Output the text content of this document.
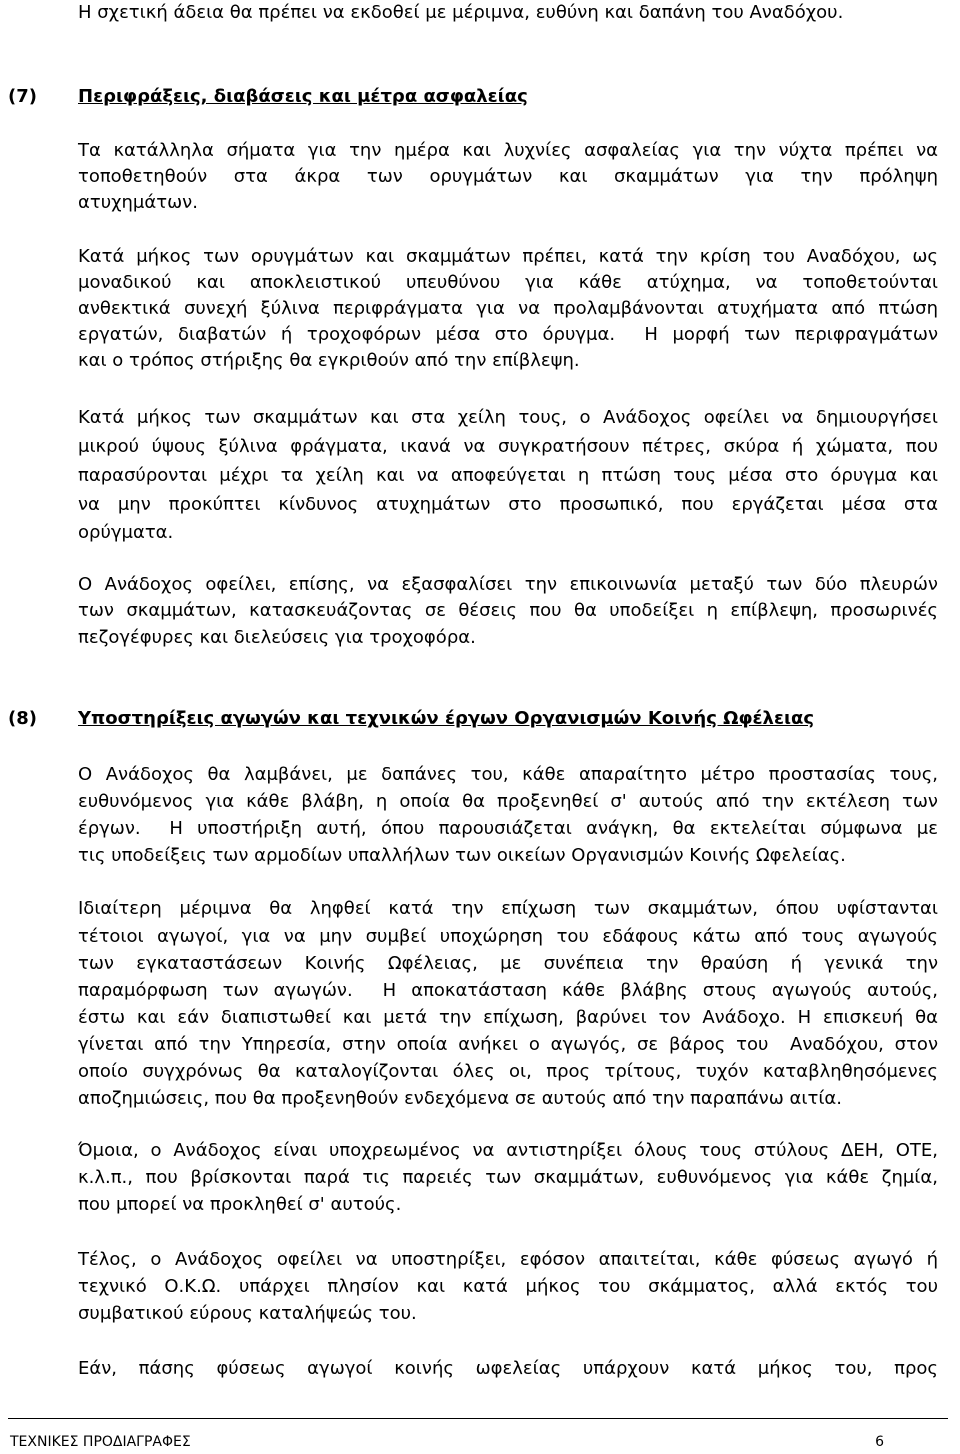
Η σχετική άδεια θα πρέπει να εκδοθεί με μέριμνα, ευθύνη και δαπάνη του Αναδόχου.
(7) Περιφράξεις, διαβάσεις και μέτρα ασφαλείας
Τα κατάλληλα σήματα για την ημέρα και λυχνίες ασφαλείας για την νύχτα πρέπει να
τοποθετηθούν στα άκρα των ορυγμάτων και σκαμμάτων για την πρόληψη
ατυχημάτων.
Κατά μήκος των ορυγμάτων και σκαμμάτων πρέπει, κατά την κρίση του Αναδόχου, ως
μοναδικού και αποκλειστικού υπευθύνου για κάθε ατύχημα, να τοποθετούνται
ανθεκτικά συνεχή ξύλινα περιφράγματα για να προλαμβάνονται ατυχήματα από πτώση
εργατών, διαβατών ή τροχοφόρων μέσα στο όρυγμα.  Η μορφή των περιφραγμάτων
και ο τρόπος στήριξης θα εγκριθούν από την επίβλεψη.
Κατά μήκος των σκαμμάτων και στα χείλη τους, ο Ανάδοχος οφείλει να δημιουργήσει
μικρού ύψους ξύλινα φράγματα, ικανά να συγκρατήσουν πέτρες, σκύρα ή χώματα, που
παρασύρονται μέχρι τα χείλη και να αποφεύγεται η πτώση τους μέσα στο όρυγμα και
να μην προκύπτει κίνδυνος ατυχημάτων στο προσωπικό, που εργάζεται μέσα στα
ορύγματα.
Ο Ανάδοχος οφείλει, επίσης, να εξασφαλίσει την επικοινωνία μεταξύ των δύο πλευρών
των σκαμμάτων, κατασκευάζοντας σε θέσεις που θα υποδείξει η επίβλεψη, προσωρινές
πεζογέφυρες και διελεύσεις για τροχοφόρα.
(8) Υποστηρίξεις αγωγών και τεχνικών έργων Οργανισμών Κοινής Ωφέλειας
Ο Ανάδοχος θα λαμβάνει, με δαπάνες του, κάθε απαραίτητο μέτρο προστασίας τους,
ευθυνόμενος για κάθε βλάβη, η οποία θα προξενηθεί σ' αυτούς από την εκτέλεση των
έργων.  Η υποστήριξη αυτή, όπου παρουσιάζεται ανάγκη, θα εκτελείται σύμφωνα με
τις υποδείξεις των αρμοδίων υπαλλήλων των οικείων Οργανισμών Κοινής Ωφελείας.
Ιδιαίτερη μέριμνα θα ληφθεί κατά την επίχωση των σκαμμάτων, όπου υφίστανται
τέτοιοι αγωγοί, για να μην συμβεί υποχώρηση του εδάφους κάτω από τους αγωγούς
των εγκαταστάσεων Κοινής Ωφέλειας, με συνέπεια την θραύση ή γενικά την
παραμόρφωση των αγωγών.  Η αποκατάσταση κάθε βλάβης στους αγωγούς αυτούς,
έστω και εάν διαπιστωθεί και μετά την επίχωση, βαρύνει τον Ανάδοχο. Η επισκευή θα
γίνεται από την Υπηρεσία, στην οποία ανήκει ο αγωγός, σε βάρος του  Αναδόχου, στον
οποίο συγχρόνως θα καταλογίζονται όλες οι, προς τρίτους, τυχόν καταβληθησόμενες
αποζημιώσεις, που θα προξενηθούν ενδεχόμενα σε αυτούς από την παραπάνω αιτία.
Όμοια, ο Ανάδοχος είναι υποχρεωμένος να αντιστηρίξει όλους τους στύλους ΔΕΗ, ΟΤΕ,
κ.λ.π., που βρίσκονται παρά τις παρειές των σκαμμάτων, ευθυνόμενος για κάθε ζημία,
που μπορεί να προκληθεί σ' αυτούς.
Τέλος, ο Ανάδοχος οφείλει να υποστηρίξει, εφόσον απαιτείται, κάθε φύσεως αγωγό ή
τεχνικό Ο.Κ.Ω. υπάρχει πλησίον και κατά μήκος του σκάμματος, αλλά εκτός του
συμβατικού εύρους καταλήψεώς του.
Εάν, πάσης φύσεως αγωγοί κοινής ωφελείας υπάρχουν κατά μήκος του, προς
ΤΕΧΝΙΚΕΣ ΠΡΟΔΙΑΓΡΑΦΕΣ	6
